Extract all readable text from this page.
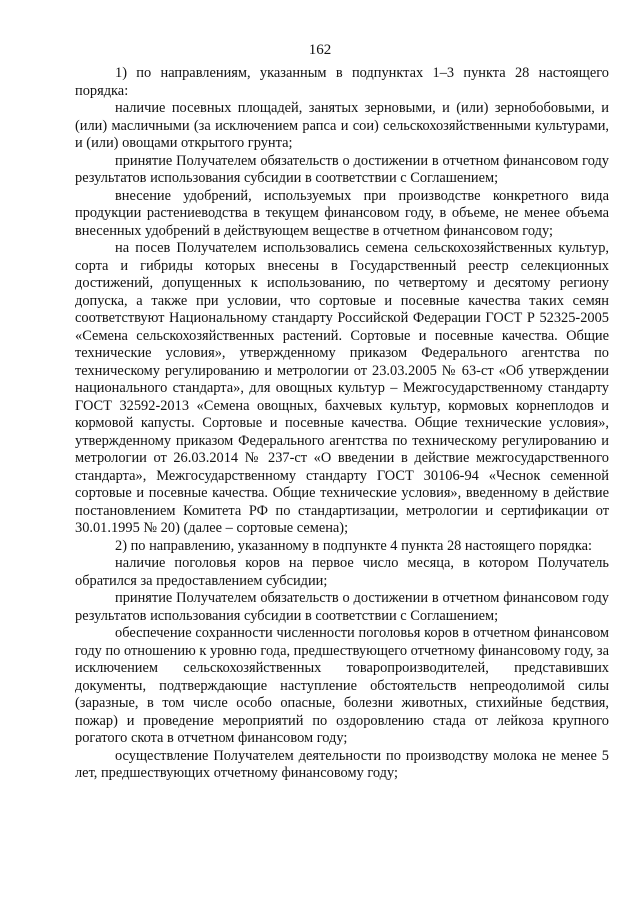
162

1) по направлениям, указанным в подпунктах 1–3 пункта 28 настоящего порядка:

наличие посевных площадей, занятых зерновыми, и (или) зернобобовыми, и (или) масличными (за исключением рапса и сои) сельскохозяйственными культурами, и (или) овощами открытого грунта;

принятие Получателем обязательств о достижении в отчетном финансовом году результатов использования субсидии в соответствии с Соглашением;

внесение удобрений, используемых при производстве конкретного вида продукции растениеводства в текущем финансовом году, в объеме, не менее объема внесенных удобрений в действующем веществе в отчетном финансовом году;

на посев Получателем использовались семена сельскохозяйственных культур, сорта и гибриды которых внесены в Государственный реестр селекционных достижений, допущенных к использованию, по четвертому и десятому региону допуска, а также при условии, что сортовые и посевные качества таких семян соответствуют Национальному стандарту Российской Федерации ГОСТ Р 52325-2005 «Семена сельскохозяйственных растений. Сортовые и посевные качества. Общие технические условия», утвержденному приказом Федерального агентства по техническому регулированию и метрологии от 23.03.2005 № 63-ст «Об утверждении национального стандарта», для овощных культур – Межгосударственному стандарту ГОСТ 32592-2013 «Семена овощных, бахчевых культур, кормовых корнеплодов и кормовой капусты. Сортовые и посевные качества. Общие технические условия», утвержденному приказом Федерального агентства по техническому регулированию и метрологии от 26.03.2014 № 237-ст «О введении в действие межгосударственного стандарта», Межгосударственному стандарту ГОСТ 30106-94 «Чеснок семенной сортовые и посевные качества. Общие технические условия», введенному в действие постановлением Комитета РФ по стандартизации, метрологии и сертификации от 30.01.1995 № 20) (далее – сортовые семена);

2) по направлению, указанному в подпункте 4 пункта 28 настоящего порядка:

наличие поголовья коров на первое число месяца, в котором Получатель обратился за предоставлением субсидии;

принятие Получателем обязательств о достижении в отчетном финансовом году результатов использования субсидии в соответствии с Соглашением;

обеспечение сохранности численности поголовья коров в отчетном финансовом году по отношению к уровню года, предшествующего отчетному финансовому году, за исключением сельскохозяйственных товаропроизводителей, представивших документы, подтверждающие наступление обстоятельств непреодолимой силы (заразные, в том числе особо опасные, болезни животных, стихийные бедствия, пожар) и проведение мероприятий по оздоровлению стада от лейкоза крупного рогатого скота в отчетном финансовом году;

осуществление Получателем деятельности по производству молока не менее 5 лет, предшествующих отчетному финансовому году;
